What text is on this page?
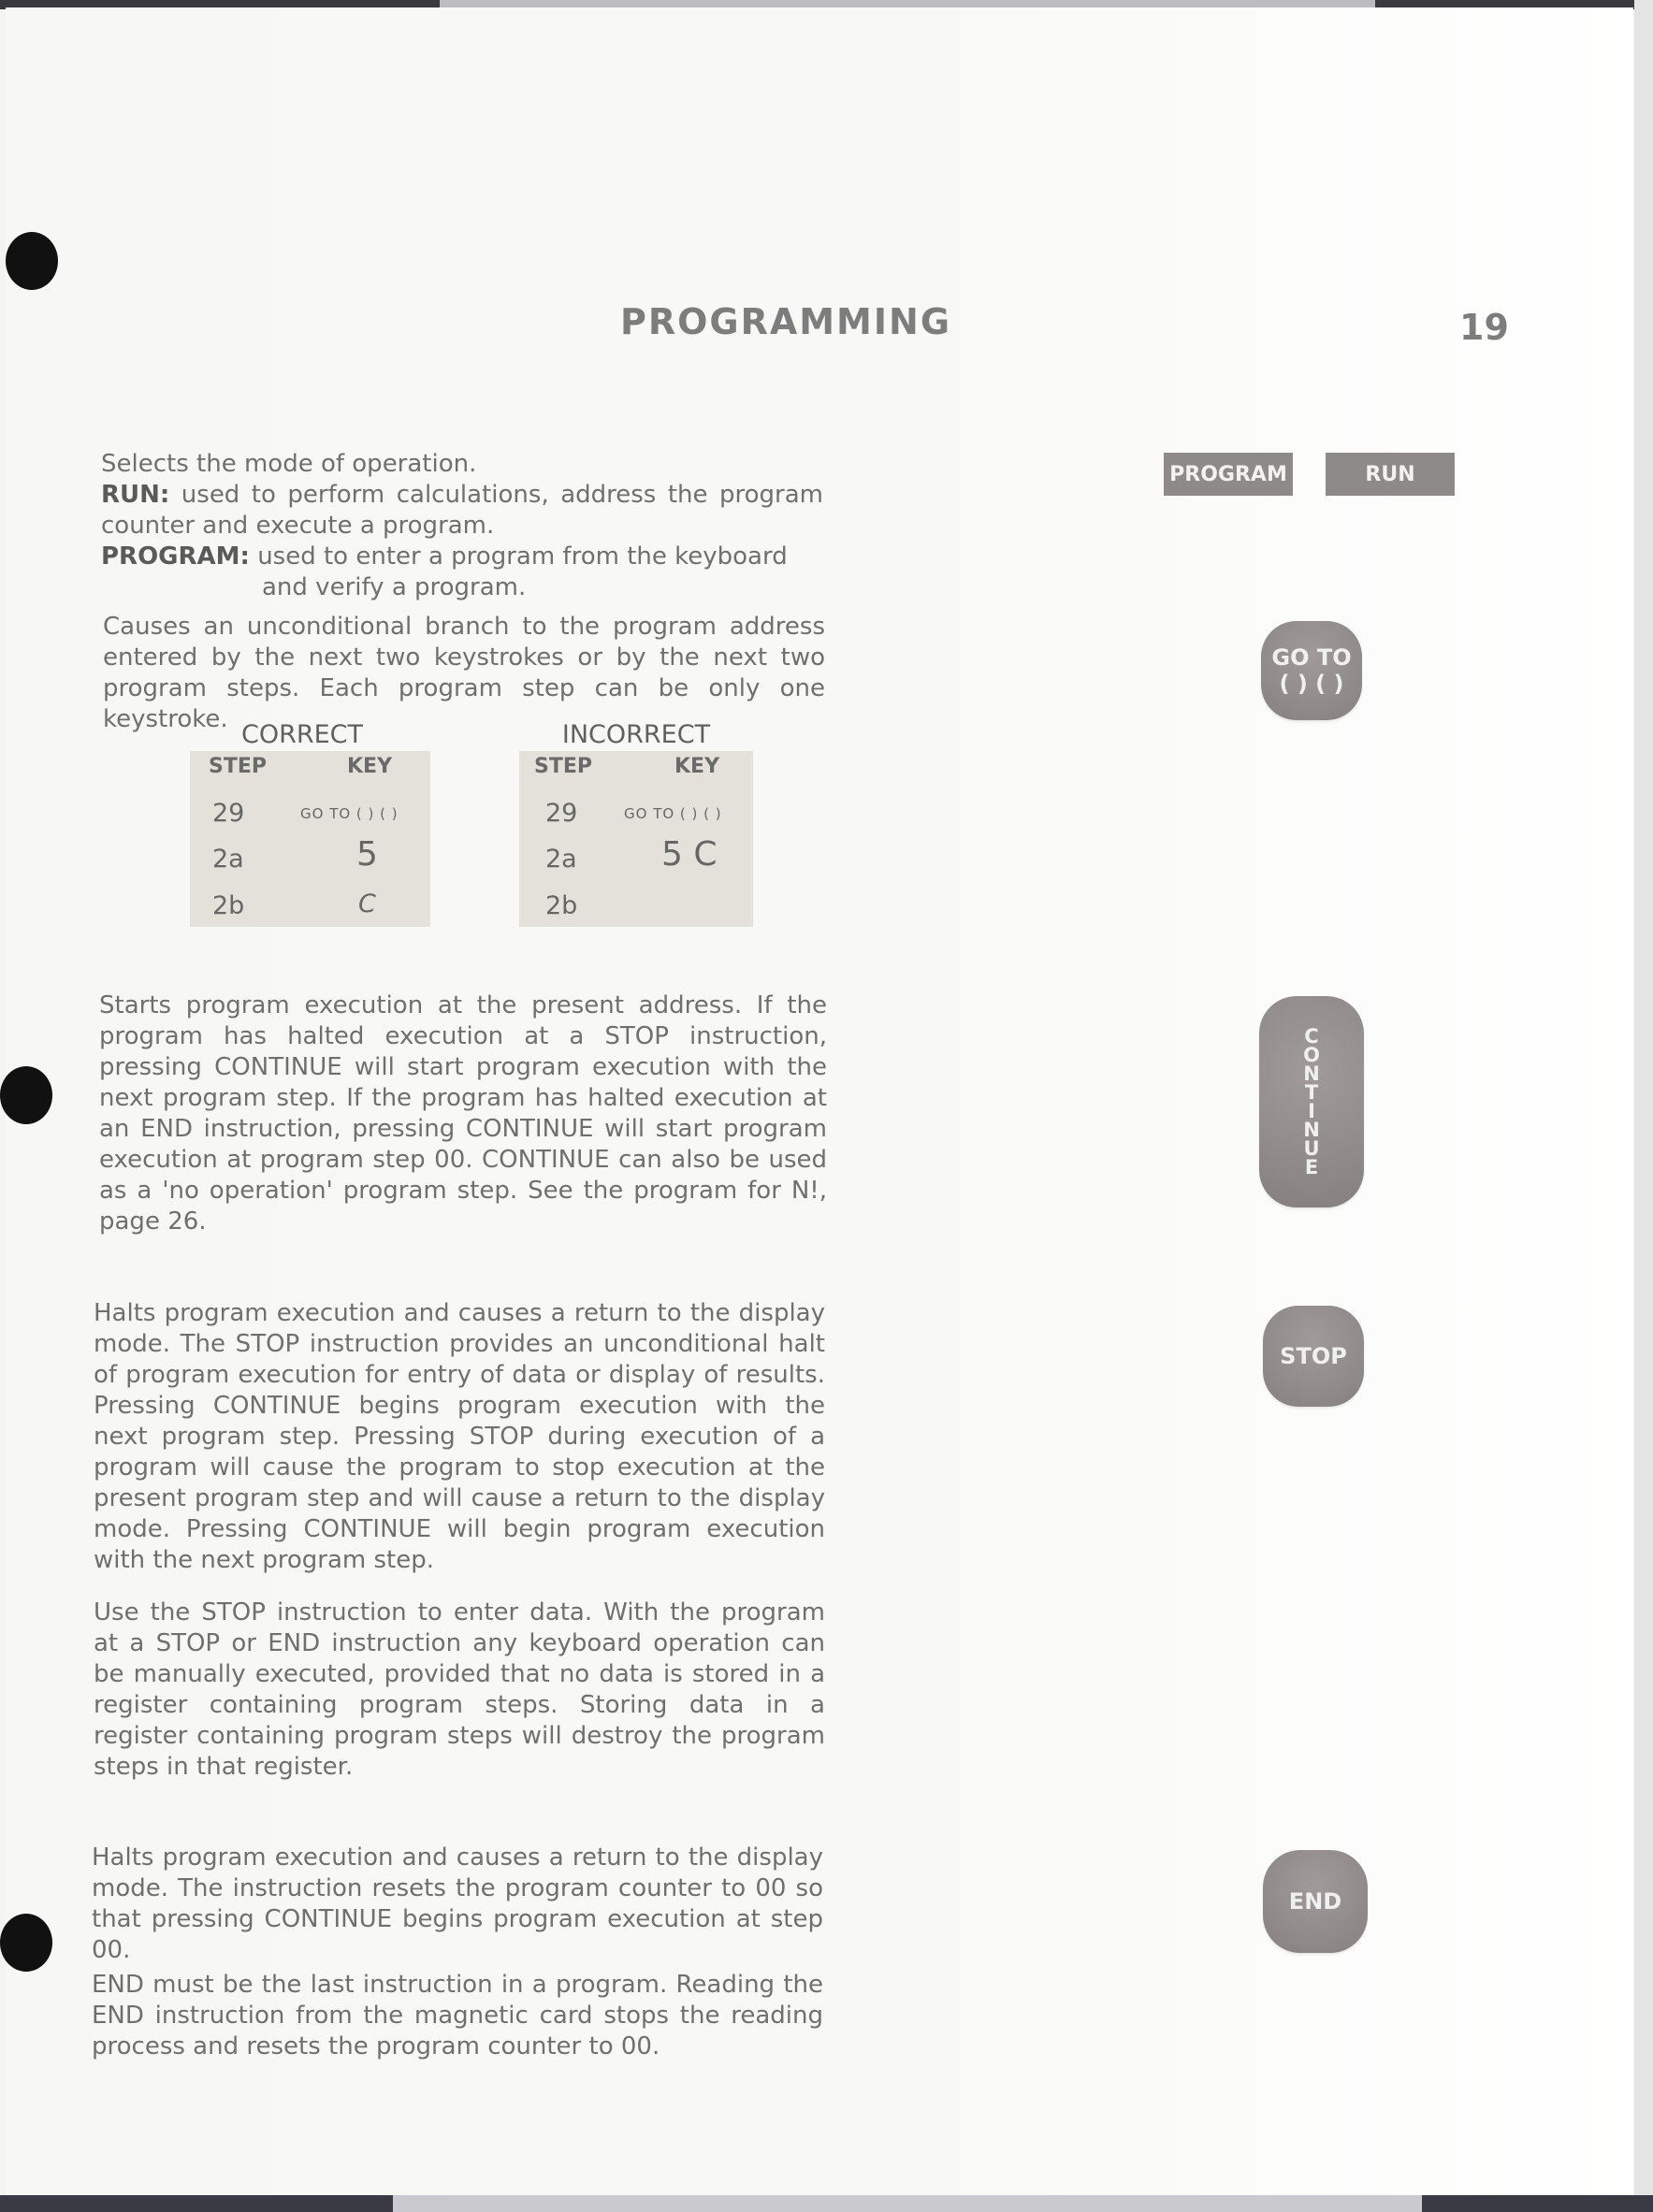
PROGRAMMING	19
Selects the mode of operation.
RUN: used to perform calculations, address the program counter and execute a program.
PROGRAM: used to enter a program from the keyboard
and verify a program.
PROGRAM	RUN
Causes an unconditional branch to the program address entered by the next two keystrokes or by the next two program steps. Each program step can be only one keystroke.
GO TO
( ) ( )
CORRECT
STEP	KEY
29	GO TO ( ) ( )
2a	5
2b	C
INCORRECT
STEP	KEY
29	GO TO ( ) ( )
2a	5 C
2b
Starts program execution at the present address. If the program has halted execution at a STOP instruction, pressing CONTINUE will start program execution with the next program step. If the program has halted execution at an END instruction, pressing CONTINUE will start program execution at program step 00. CONTINUE can also be used as a 'no operation' program step. See the program for N!, page 26.
C
O
N
T
I
N
U
E
Halts program execution and causes a return to the display mode. The STOP instruction provides an unconditional halt of program execution for entry of data or display of results. Pressing CONTINUE begins program execution with the next program step. Pressing STOP during execution of a program will cause the program to stop execution at the present program step and will cause a return to the display mode. Pressing CONTINUE will begin program execution with the next program step.
Use the STOP instruction to enter data. With the program at a STOP or END instruction any keyboard operation can be manually executed, provided that no data is stored in a register containing program steps. Storing data in a register containing program steps will destroy the program steps in that register.
STOP
Halts program execution and causes a return to the display mode. The instruction resets the program counter to 00 so that pressing CONTINUE begins program execution at step 00.
END must be the last instruction in a program. Reading the END instruction from the magnetic card stops the reading process and resets the program counter to 00.
END
